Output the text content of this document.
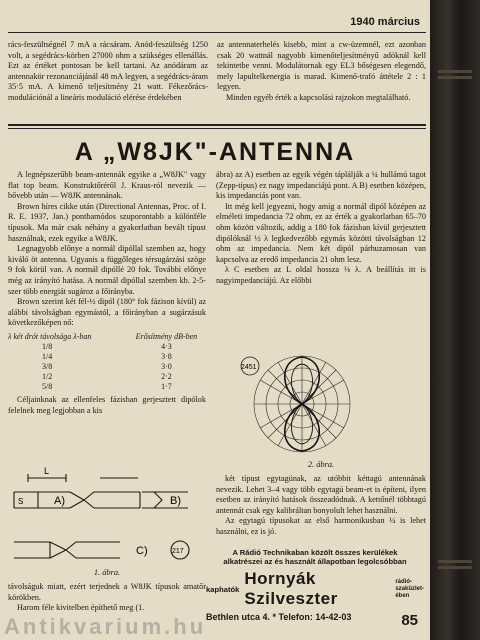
1940 március

rács-feszültségnél 7 mA a rácsáram. Anód-feszültség 1250 volt, a segédrács-körben 27000 ohm a szükséges ellenállás. Ezt az értéket pontosan be kell tartani. Az anódáram az antennakör rezonanciájánál 48 mA legyen, a segédrács-áram 35·5 mA. A kimenő teljesítmény 21 watt. Fékezőrács-modulációnál a lineáris moduláció elérése érdekében

az antennaterhelés kisebb, mint a cw-üzemnél, ezt azonban csak 20 wattnál nagyobb kimenőteljesítményű adóknál kell tekintetbe venni. Modulátornak egy EL3 bőségesen elegendő, mely lapultelkenergia is marad. Kimenő-trafó áttétele 2 : 1 legyen.

Minden egyéb érték a kapcsolási rajzokon megtalálható.

A „W8JK"-ANTENNA

A legnépszerűbb beam-antennák egyike a „W8JK" vagy flat top beam. Konstruktőréről J. Kraus-ról nevezik — bővebb után — W8JK antennának.

Brown híres cikke után (Directional Antennas, Proc. of I. R. E. 1937, Jan.) pontbamódos szuporontabb a különféle típusok. Ma már csak néhány a gyakorlatban bevált típust használnak, ezek egyike a W8JK.

Legnagyobb előnye a normál dipóllal szemben az, hogy kiváló öt antenna. Ugyanis a függőleges térsugárzási szöge 9 fok körül van. A normál dipóllé 20 fok. További előnye még az irányító hatása. A normál dipóllal szemben kb. 2-5-szer több energiát sugároz a főirányba.

Brown szerint két fél-½ dipól (180° fok fázison kívül) az alábbi távolságban egymástól, a főirányban a sugárzásuk következőképen nő:

λ két drót távolsága λ-ban	Erősítmény dB-ben
1/8	4·3
1/4	3·8
3/8	3·0
1/2	2·2
5/8	1·7

Céljainknak az ellenfeles fázisban gerjesztett dipólok felelnek meg legjobban a kis

A)	B)
C)
L
S
217
1. ábra.

távolságuk miatt, ezért terjednek a W8JK típusok amatőr körökben.

Harom féle kivitelben építhető meg (1.

ábra) az A) esetben az egyik végén táplálják a ¼ hullámú tagot (Zepp-típus) ez nagy impedanciájú pont. A B) esetben középen, kis impedanciás pont van.

Itt még kell jegyezni, hogy amíg a normál dipól középen az elméleti impedancia 72 ohm, ez az érték a gyakorlatban 65–70 ohm között változik, addig a 180 fok fázisban kívül gerjesztett dipólóknál ½ λ legkedvezőbb egymás közötti távolságban 12 ohm az impedancia. Nem két dipól párhuzamosan van kapcsolva az eredő impedancia 21 ohm lesz.

λ C esetben az L oldal hossza ⅛ λ. A beállítás itt is nagyimpedanciájú. Az előbbi

2451
2. ábra.

két típust egytagúnak, az utóbbit kéttagú antennának nevezik. Lehet 3–4 vagy több egytagú beam-et is építeni, ilyen esetben az irányító hatások összeadódnak. A kettőnél többtagú antennát csak egy kalibráltan bonyolult lehet használni.

Az egytagú típusokat az első harmonikusban ¼ is lehet használni, ez is jó.

A Rádió Technikaban közölt összes kerülékek
alkatrészei az és használt állapotban legolcsóbban
kaphatók
Hornyák Szilveszter
rádió-szaküzlet-ében
Bethlen utca 4. * Telefon: 14-42-03	85
Antikvarium.hu
